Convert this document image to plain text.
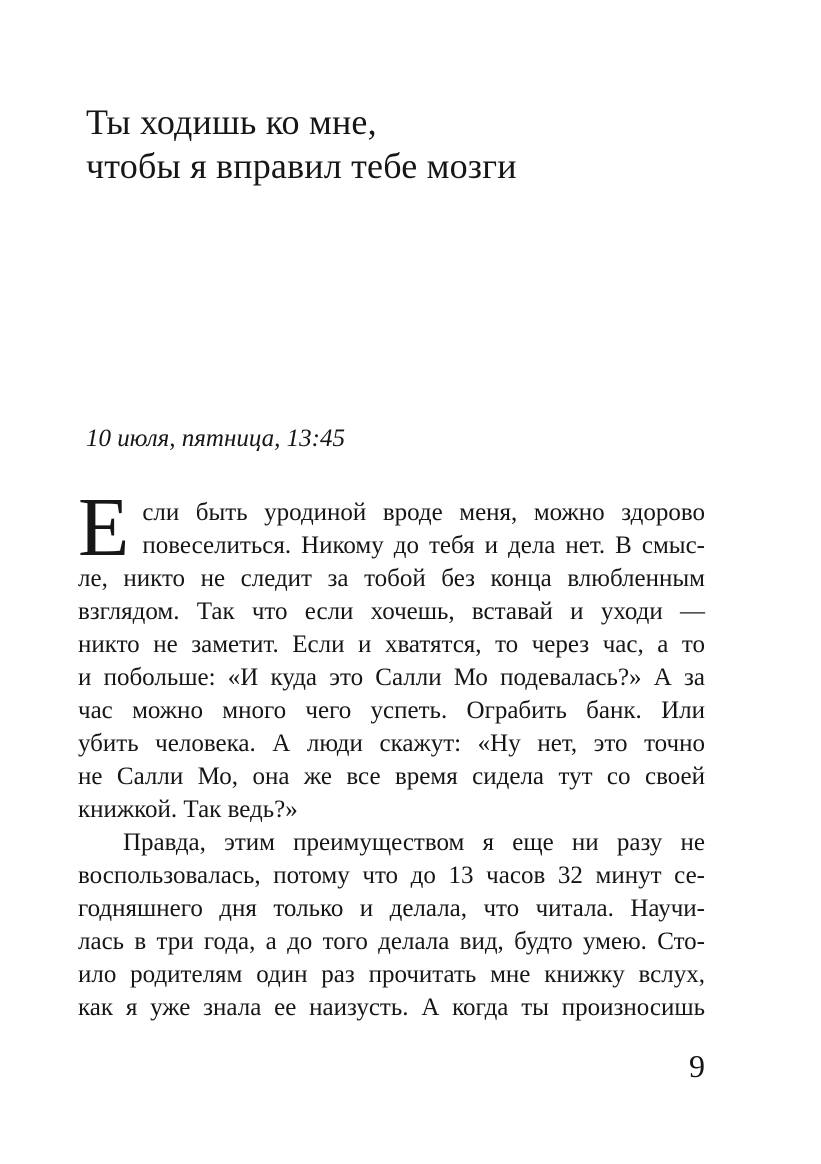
Ты ходишь ко мне,
чтобы я вправил тебе мозги
10 июля, пятница, 13:45
Е сли быть уродиной вроде меня, можно здорово
повеселиться. Никому до тебя и дела нет. В смыс-
ле, никто не следит за тобой без конца влюбленным
взглядом. Так что если хочешь, вставай и уходи —
никто не заметит. Если и хватятся, то через час, а то
и побольше: «И куда это Салли Мо подевалась?» А за
час можно много чего успеть. Ограбить банк. Или
убить человека. А люди скажут: «Ну нет, это точно
не Салли Мо, она же все время сидела тут со своей
книжкой. Так ведь?»
Правда, этим преимуществом я еще ни разу не
воспользовалась, потому что до 13 часов 32 минут се-
годняшнего дня только и делала, что читала. Научи-
лась в три года, а до того делала вид, будто умею. Сто-
ило родителям один раз прочитать мне книжку вслух,
как я уже знала ее наизусть. А когда ты произносишь
9
